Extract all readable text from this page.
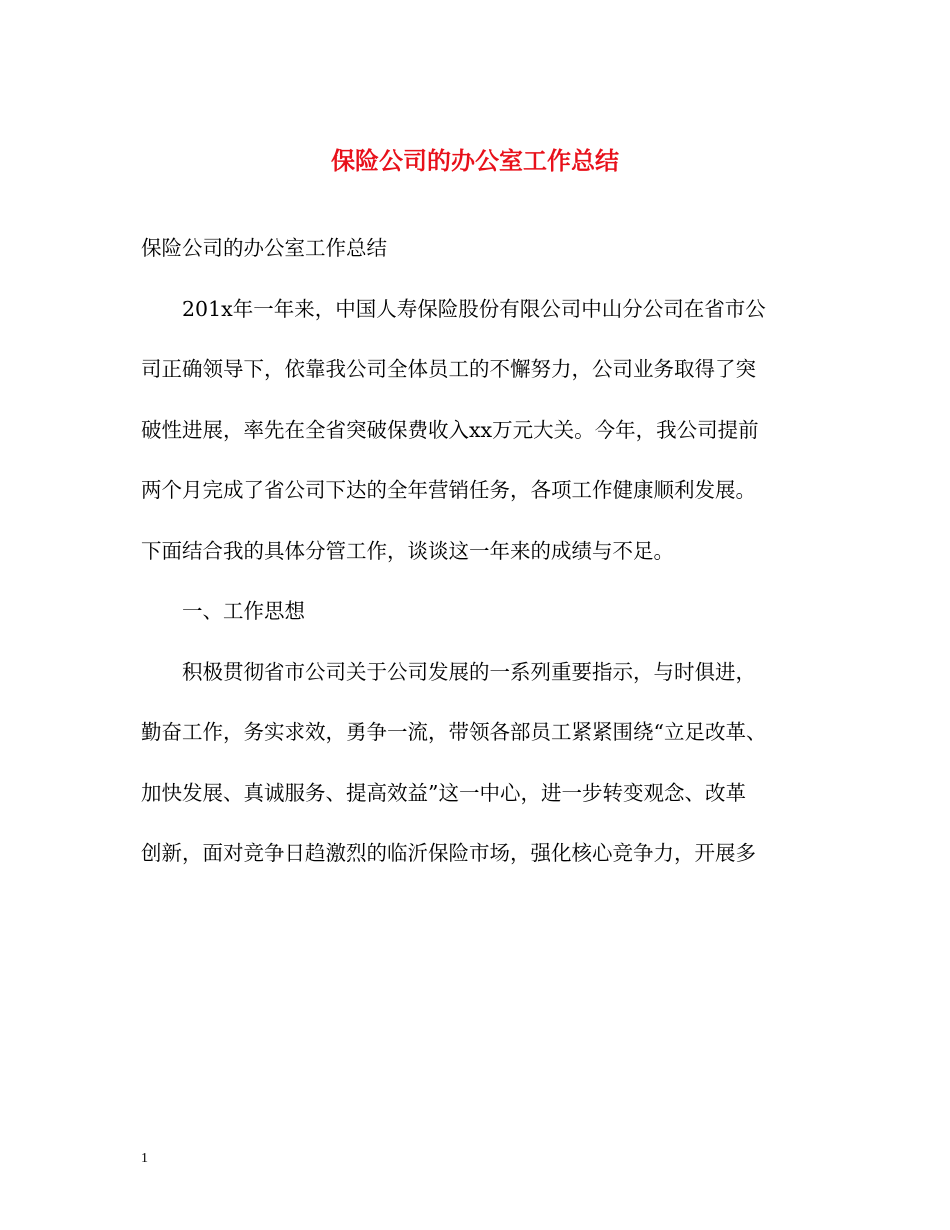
保险公司的办公室工作总结
保险公司的办公室工作总结
201x年一年来，中国人寿保险股份有限公司中山分公司在省市公
司正确领导下，依靠我公司全体员工的不懈努力，公司业务取得了突
破性进展，率先在全省突破保费收入xx万元大关。今年，我公司提前
两个月完成了省公司下达的全年营销任务，各项工作健康顺利发展。
下面结合我的具体分管工作，谈谈这一年来的成绩与不足。
一、工作思想
积极贯彻省市公司关于公司发展的一系列重要指示，与时俱进，
勤奋工作，务实求效，勇争一流，带领各部员工紧紧围绕“立足改革、
加快发展、真诚服务、提高效益”这一中心，进一步转变观念、改革
创新，面对竞争日趋激烈的临沂保险市场，强化核心竞争力，开展多
1
